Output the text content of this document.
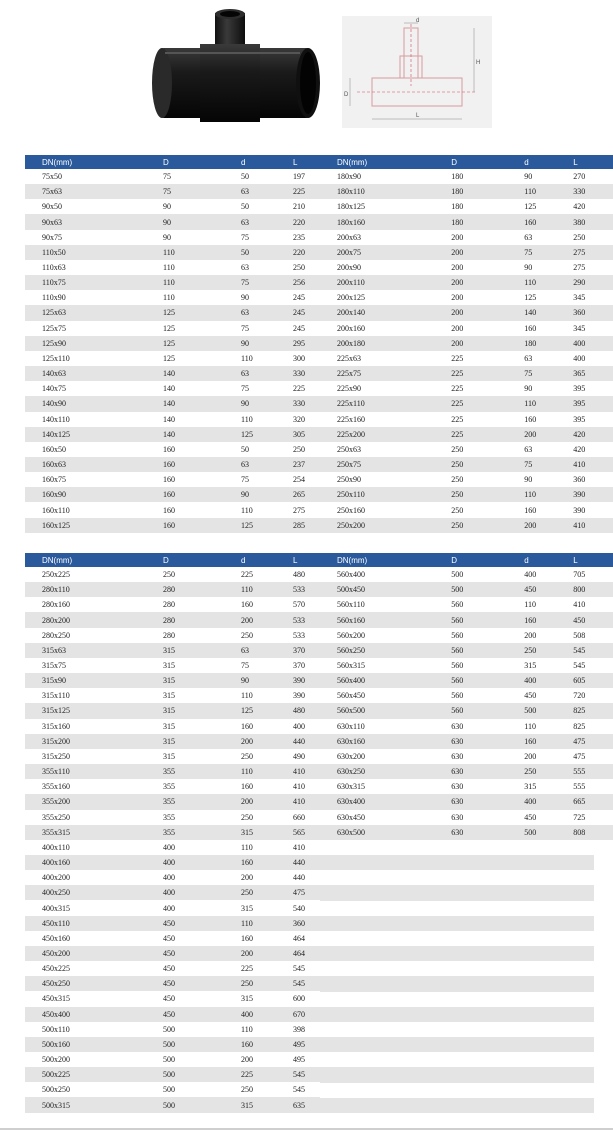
d
H
D
L
DN(mm)	D	d	L
75x50	75	50	197
75x63	75	63	225
90x50	90	50	210
90x63	90	63	220
90x75	90	75	235
110x50	110	50	220
110x63	110	63	250
110x75	110	75	256
110x90	110	90	245
125x63	125	63	245
125x75	125	75	245
125x90	125	90	295
125x110	125	110	300
140x63	140	63	330
140x75	140	75	225
140x90	140	90	330
140x110	140	110	320
140x125	140	125	305
160x50	160	50	250
160x63	160	63	237
160x75	160	75	254
160x90	160	90	265
160x110	160	110	275
160x125	160	125	285
DN(mm)	D	d	L
180x90	180	90	270
180x110	180	110	330
180x125	180	125	420
180x160	180	160	380
200x63	200	63	250
200x75	200	75	275
200x90	200	90	275
200x110	200	110	290
200x125	200	125	345
200x140	200	140	360
200x160	200	160	345
200x180	200	180	400
225x63	225	63	400
225x75	225	75	365
225x90	225	90	395
225x110	225	110	395
225x160	225	160	395
225x200	225	200	420
250x63	250	63	420
250x75	250	75	410
250x90	250	90	360
250x110	250	110	390
250x160	250	160	390
250x200	250	200	410
DN(mm)	D	d	L
250x225	250	225	480
280x110	280	110	533
280x160	280	160	570
280x200	280	200	533
280x250	280	250	533
315x63	315	63	370
315x75	315	75	370
315x90	315	90	390
315x110	315	110	390
315x125	315	125	480
315x160	315	160	400
315x200	315	200	440
315x250	315	250	490
355x110	355	110	410
355x160	355	160	410
355x200	355	200	410
355x250	355	250	660
355x315	355	315	565
400x110	400	110	410
400x160	400	160	440
400x200	400	200	440
400x250	400	250	475
400x315	400	315	540
450x110	450	110	360
450x160	450	160	464
450x200	450	200	464
450x225	450	225	545
450x250	450	250	545
450x315	450	315	600
450x400	450	400	670
500x110	500	110	398
500x160	500	160	495
500x200	500	200	495
500x225	500	225	545
500x250	500	250	545
500x315	500	315	635
DN(mm)	D	d	L
560x400	500	400	705
500x450	500	450	800
560x110	560	110	410
560x160	560	160	450
560x200	560	200	508
560x250	560	250	545
560x315	560	315	545
560x400	560	400	605
560x450	560	450	720
560x500	560	500	825
630x110	630	110	825
630x160	630	160	475
630x200	630	200	475
630x250	630	250	555
630x315	630	315	555
630x400	630	400	665
630x450	630	450	725
630x500	630	500	808
